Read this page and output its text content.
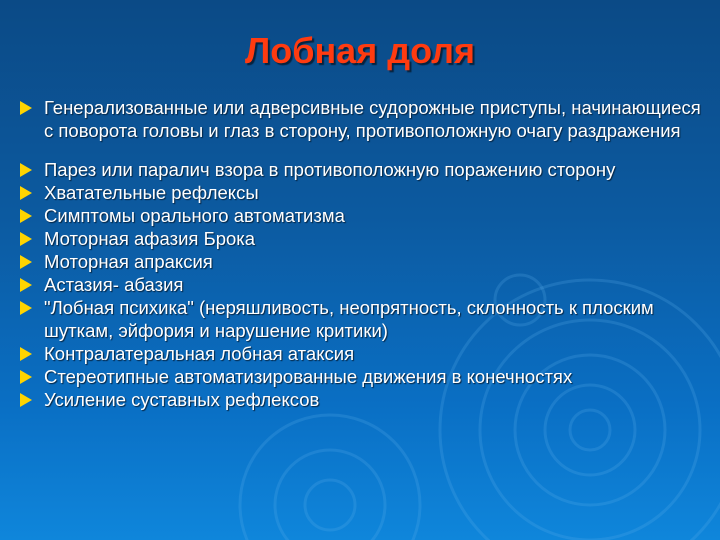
Лобная доля
Генерализованные или адверсивные судорожные приступы, начинающиеся с поворота головы и глаз в сторону, противоположную очагу раздражения
Парез или паралич взора в противоположную поражению сторону
Хватательные рефлексы
Симптомы орального автоматизма
Моторная афазия Брока
Моторная апраксия
Астазия- абазия
"Лобная психика" (неряшливость, неопрятность, склонность к плоским шуткам, эйфория и нарушение критики)
Контралатеральная лобная атаксия
Стереотипные автоматизированные движения в конечностях
Усиление суставных рефлексов
